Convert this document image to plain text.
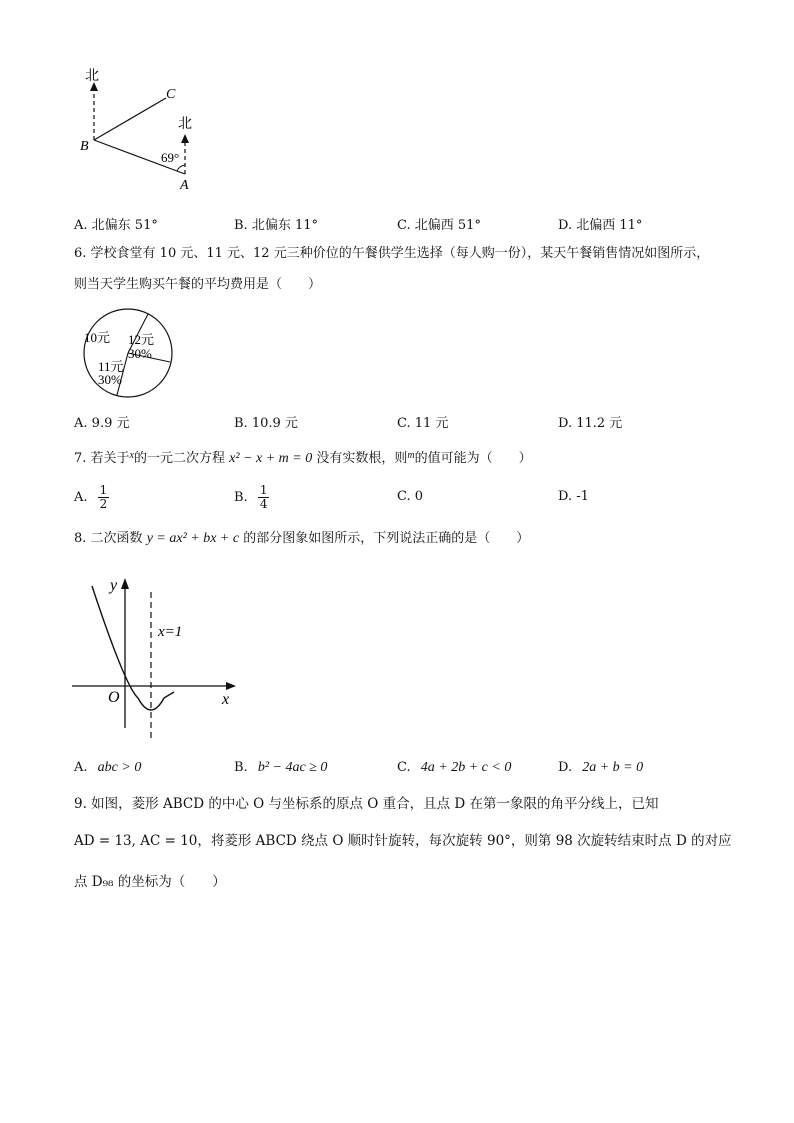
北
北
C
B
A
69°
A. 北偏东 51°	B. 北偏东 11°	C. 北偏西 51°	D. 北偏西 11°
6. 学校食堂有 10 元、11 元、12 元三种价位的午餐供学生选择（每人购一份），某天午餐销售情况如图所示，
则当天学生购买午餐的平均费用是（　　）
10元 12元
30%
11元
30%
A. 9.9 元	B. 10.9 元	C. 11 元	D. 11.2 元
7. 若关于$^x$的一元二次方程 x² − x + m = 0 没有实数根，则$^m$的值可能为（　　）
A. $\frac{1}{2}$	B. $\frac{1}{4}$	C. 0	D. -1
8. 二次函数 y = ax² + bx + c 的部分图象如图所示，下列说法正确的是（　　）
y
x
O
x=1
A. abc > 0	B. b² − 4ac ≥ 0	C. 4a + 2b + c < 0	D. 2a + b = 0
9. 如图，菱形 ABCD 的中心 O 与坐标系的原点 O 重合，且点 D 在第一象限的角平分线上，已知
AD = 13, AC = 10，将菱形 ABCD 绕点 O 顺时针旋转，每次旋转 90°，则第 98 次旋转结束时点 D 的对应
点 D₉₈ 的坐标为（　　）
